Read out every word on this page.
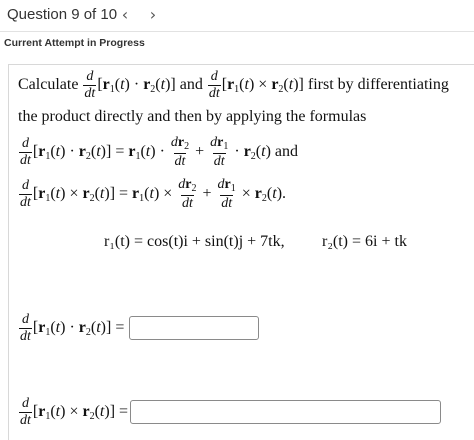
Question 9 of 10 ‹	›
Current Attempt in Progress
Calculate $\frac{d}{dt} [r_1(t) \cdot r_2(t)]$ and $\frac{d}{dt} [r_1(t) \times r_2(t)]$ first by differentiating
the product directly and then by applying the formulas
$\frac{d}{dt} [r_1(t) \cdot r_2(t)] = r_1(t) \cdot \frac{dr_2}{dt} + \frac{dr_1}{dt} \cdot r_2(t)$ and
$\frac{d}{dt} [r_1(t) \times r_2(t)] = r_1(t) \times \frac{dr_2}{dt} + \frac{dr_1}{dt} \times r_2(t)$.
r₁(t) = cos(t)i + sin(t)j + 7tk, r₂(t) = 6i + tk
$\frac{d}{dt} [r_1(t) \cdot r_2(t)]$ =
$\frac{d}{dt} [r_1(t) \times r_2(t)]$ =
